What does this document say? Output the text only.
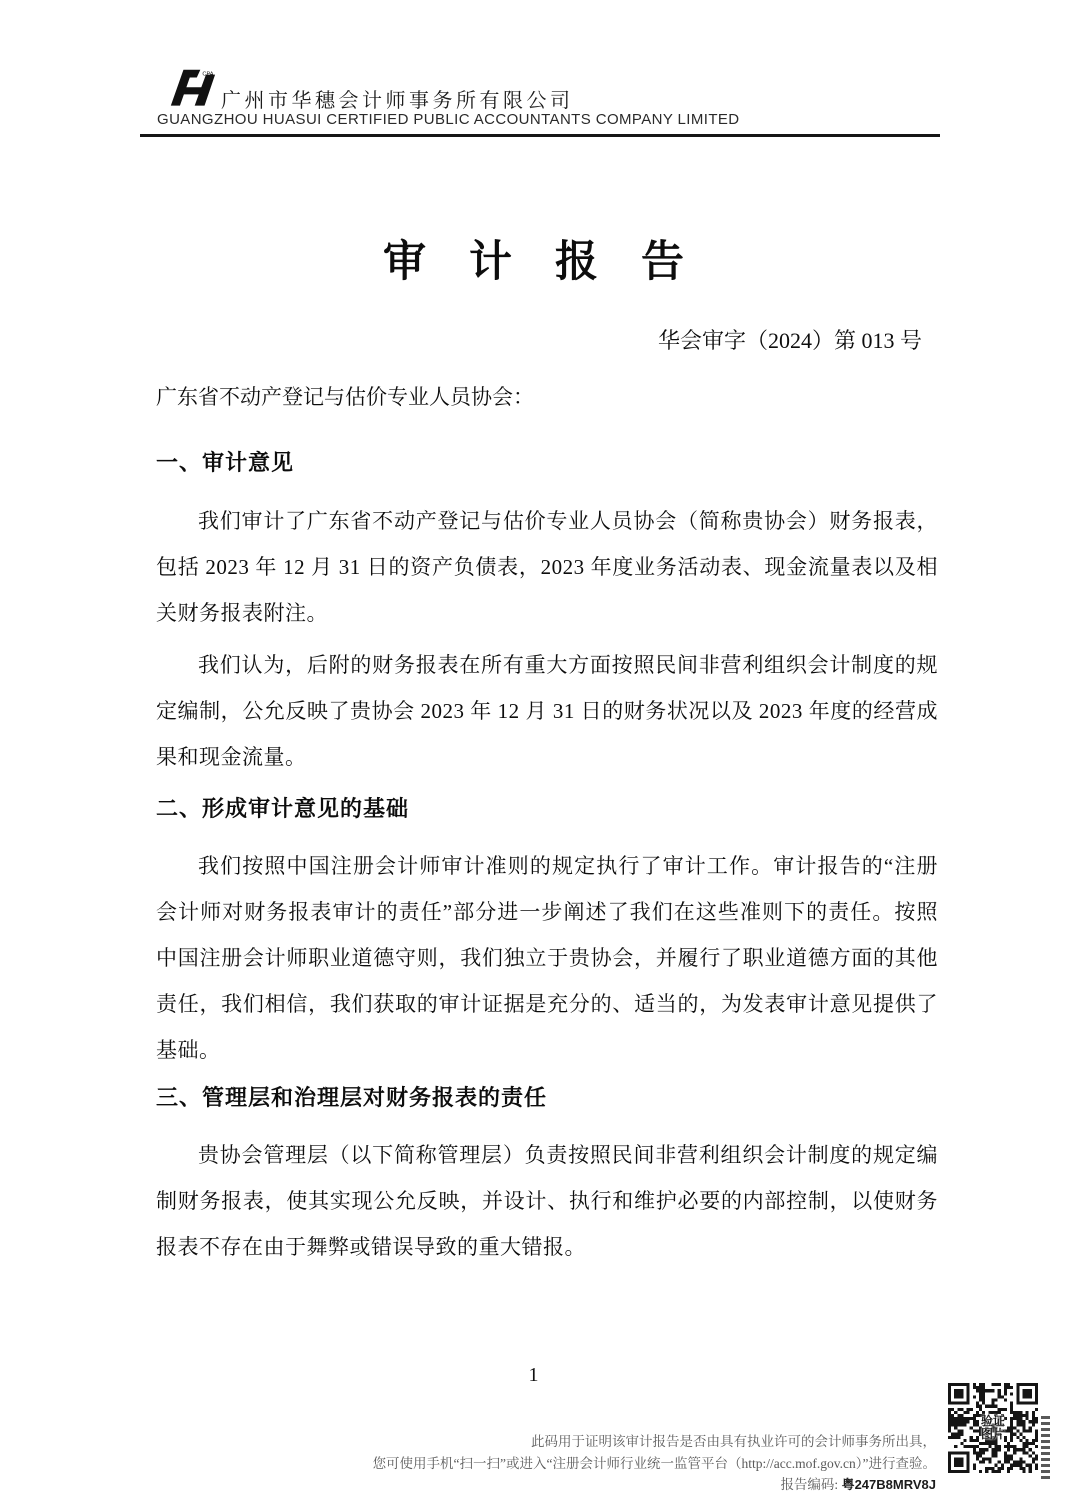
CPA
广州市华穗会计师事务所有限公司
GUANGZHOU HUASUI CERTIFIED PUBLIC ACCOUNTANTS COMPANY LIMITED
审　计　报　告
华会审字（2024）第 013 号
广东省不动产登记与估价专业人员协会：
一、审计意见
我们审计了广东省不动产登记与估价专业人员协会（简称贵协会）财务报表，包括 2023 年 12 月 31 日的资产负债表，2023 年度业务活动表、现金流量表以及相关财务报表附注。
我们认为，后附的财务报表在所有重大方面按照民间非营利组织会计制度的规定编制，公允反映了贵协会 2023 年 12 月 31 日的财务状况以及 2023 年度的经营成果和现金流量。
二、形成审计意见的基础
我们按照中国注册会计师审计准则的规定执行了审计工作。审计报告的“注册会计师对财务报表审计的责任”部分进一步阐述了我们在这些准则下的责任。按照中国注册会计师职业道德守则，我们独立于贵协会，并履行了职业道德方面的其他责任，我们相信，我们获取的审计证据是充分的、适当的，为发表审计意见提供了基础。
三、管理层和治理层对财务报表的责任
贵协会管理层（以下简称管理层）负责按照民间非营利组织会计制度的规定编制财务报表，使其实现公允反映，并设计、执行和维护必要的内部控制，以使财务报表不存在由于舞弊或错误导致的重大错报。
1
此码用于证明该审计报告是否由具有执业许可的会计师事务所出具，
您可使用手机“扫一扫”或进入“注册会计师行业统一监管平台（http://acc.mof.gov.cn）”进行查验。
报告编码: 粤247B8MRV8J
验证
图片
